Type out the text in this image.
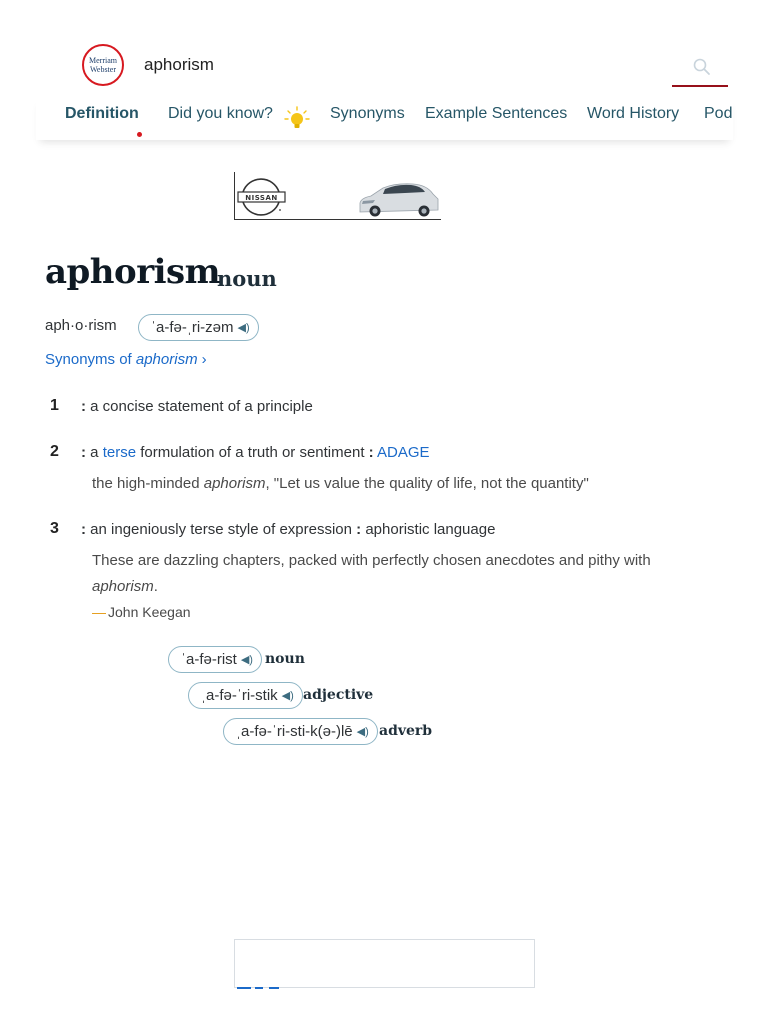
Merriam
Webster aphorism
Definition Did you know?	Synonyms Example Sentences Word History Pod
NISSAN
aphorism
noun
aph·o·rism ˈa-fə-ˌri-zəm ◀︎)
Synonyms of aphorism ›
1 : a concise statement of a principle
2 : a terse formulation of a truth or sentiment : ADAGE
the high-minded aphorism, "Let us value the quality of life, not the quantity"
3 : an ingeniously terse style of expression : aphoristic language
These are dazzling chapters, packed with perfectly chosen anecdotes and pithy with aphorism.
— John Keegan
ˈa-fə-rist ◀︎) noun
ˌa-fə-ˈri-stik ◀︎) adjective
ˌa-fə-ˈri-sti-k(ə-)lē ◀︎) adverb
